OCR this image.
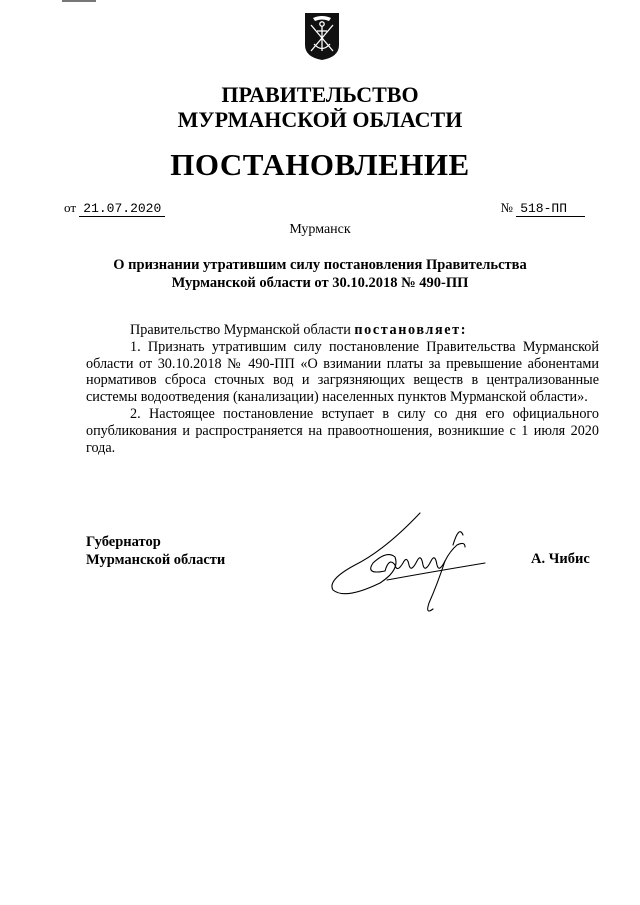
ПРАВИТЕЛЬСТВО
МУРМАНСКОЙ ОБЛАСТИ
ПОСТАНОВЛЕНИЕ
от 21.07.2020	№ 518-ПП
Мурманск
О признании утратившим силу постановления Правительства
Мурманской области от 30.10.2018 № 490-ПП

Правительство Мурманской области постановляет:

1. Признать утратившим силу постановление Правительства Мурманской области от 30.10.2018 № 490-ПП «О взимании платы за превышение абонентами нормативов сброса сточных вод и загрязняющих веществ в централизованные системы водоотведения (канализации) населенных пунктов Мурманской области».

2. Настоящее постановление вступает в силу со дня его официального опубликования и распространяется на правоотношения, возникшие с 1 июля 2020 года.

Губернатор
Мурманской области	А. Чибис
